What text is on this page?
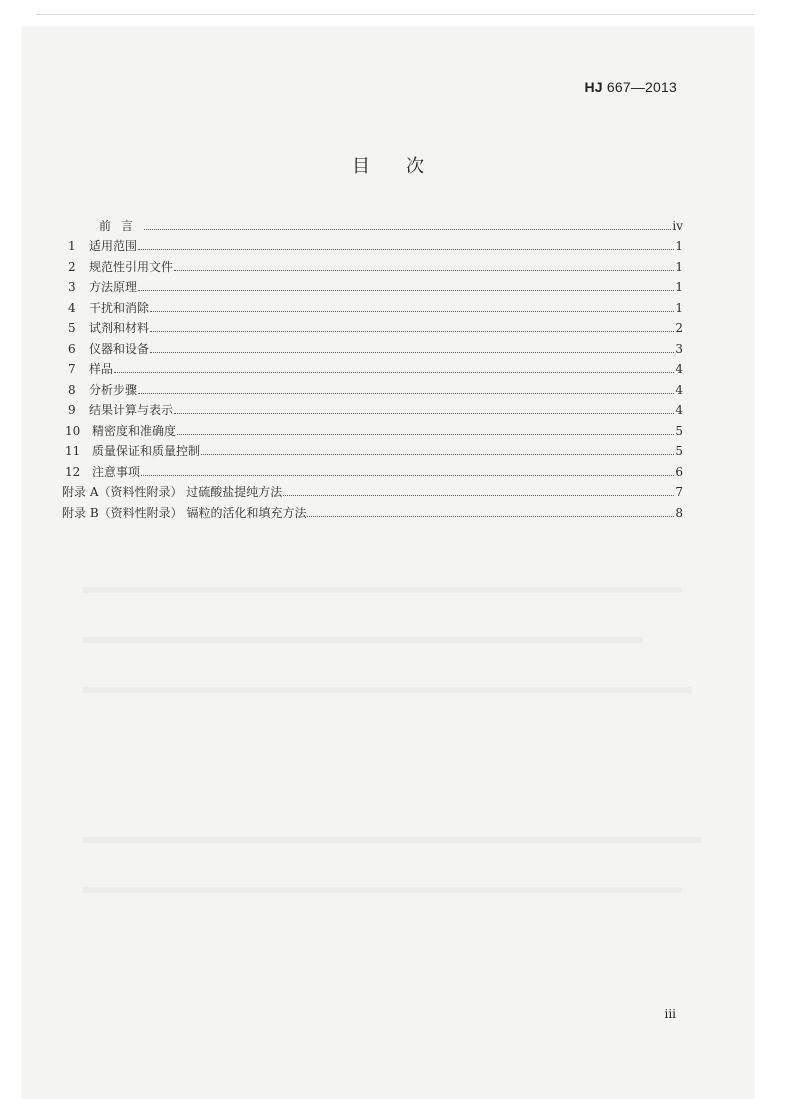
HJ 667—2013
目次
前言	iv
1	适用范围	1
2	规范性引用文件	1
3	方法原理	1
4	干扰和消除	1
5	试剂和材料	2
6	仪器和设备	3
7	样品	4
8	分析步骤	4
9	结果计算与表示	4
10 精密度和准确度	5
11 质量保证和质量控制	5
12 注意事项	6
附录 A（资料性附录） 过硫酸盐提纯方法	7
附录 B（资料性附录） 镉粒的活化和填充方法	8
iii
